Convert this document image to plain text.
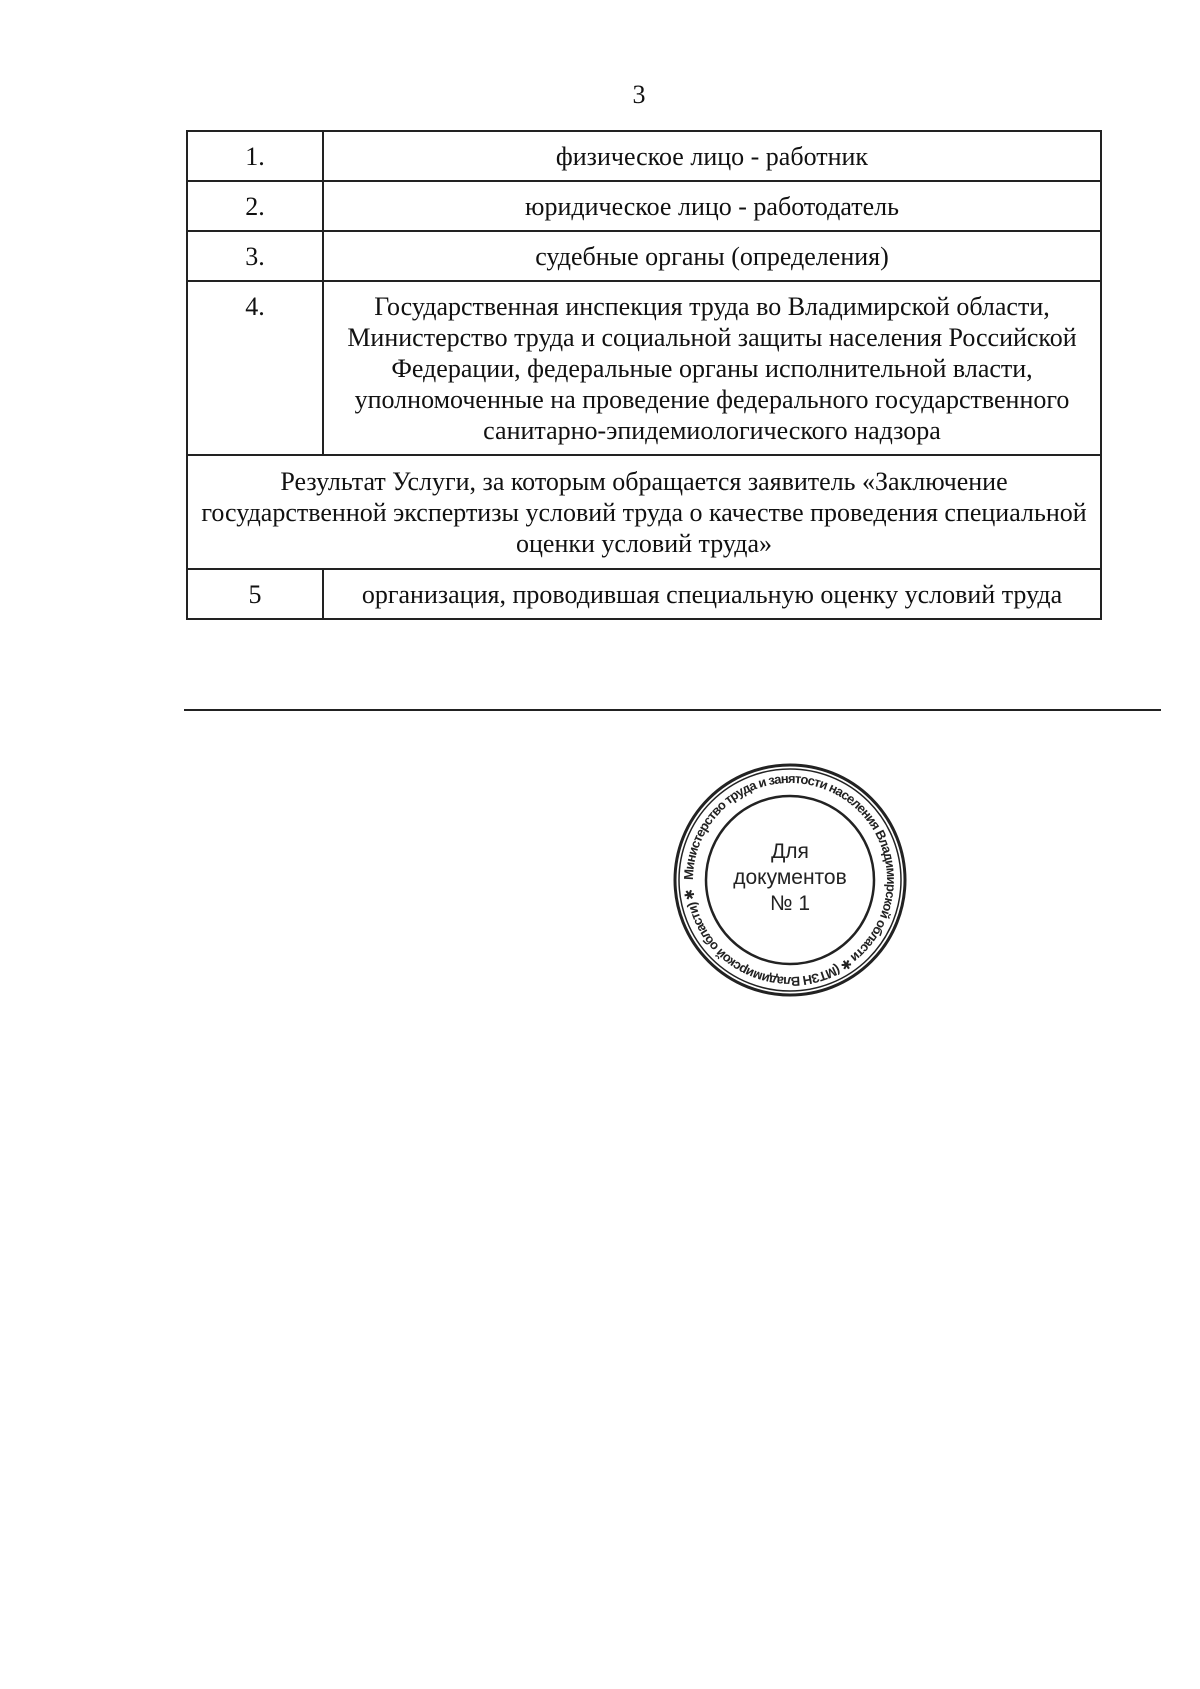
3
1.	физическое лицо - работник
2.	юридическое лицо - работодатель
3.	судебные органы (определения)
4.	Государственная инспекция труда во Владимирской области, Министерство труда и социальной защиты населения Российской Федерации, федеральные органы исполнительной власти, уполномоченные на проведение федерального государственного санитарно-эпидемиологического надзора
Результат Услуги, за которым обращается заявитель «Заключение государственной экспертизы условий труда о качестве проведения специальной оценки условий труда»	
5	организация, проводившая специальную оценку условий труда
Министерство труда и занятости населения Владимирской области ✱ (МТЗН Владимирской области) ✱
Для
документов
№ 1
